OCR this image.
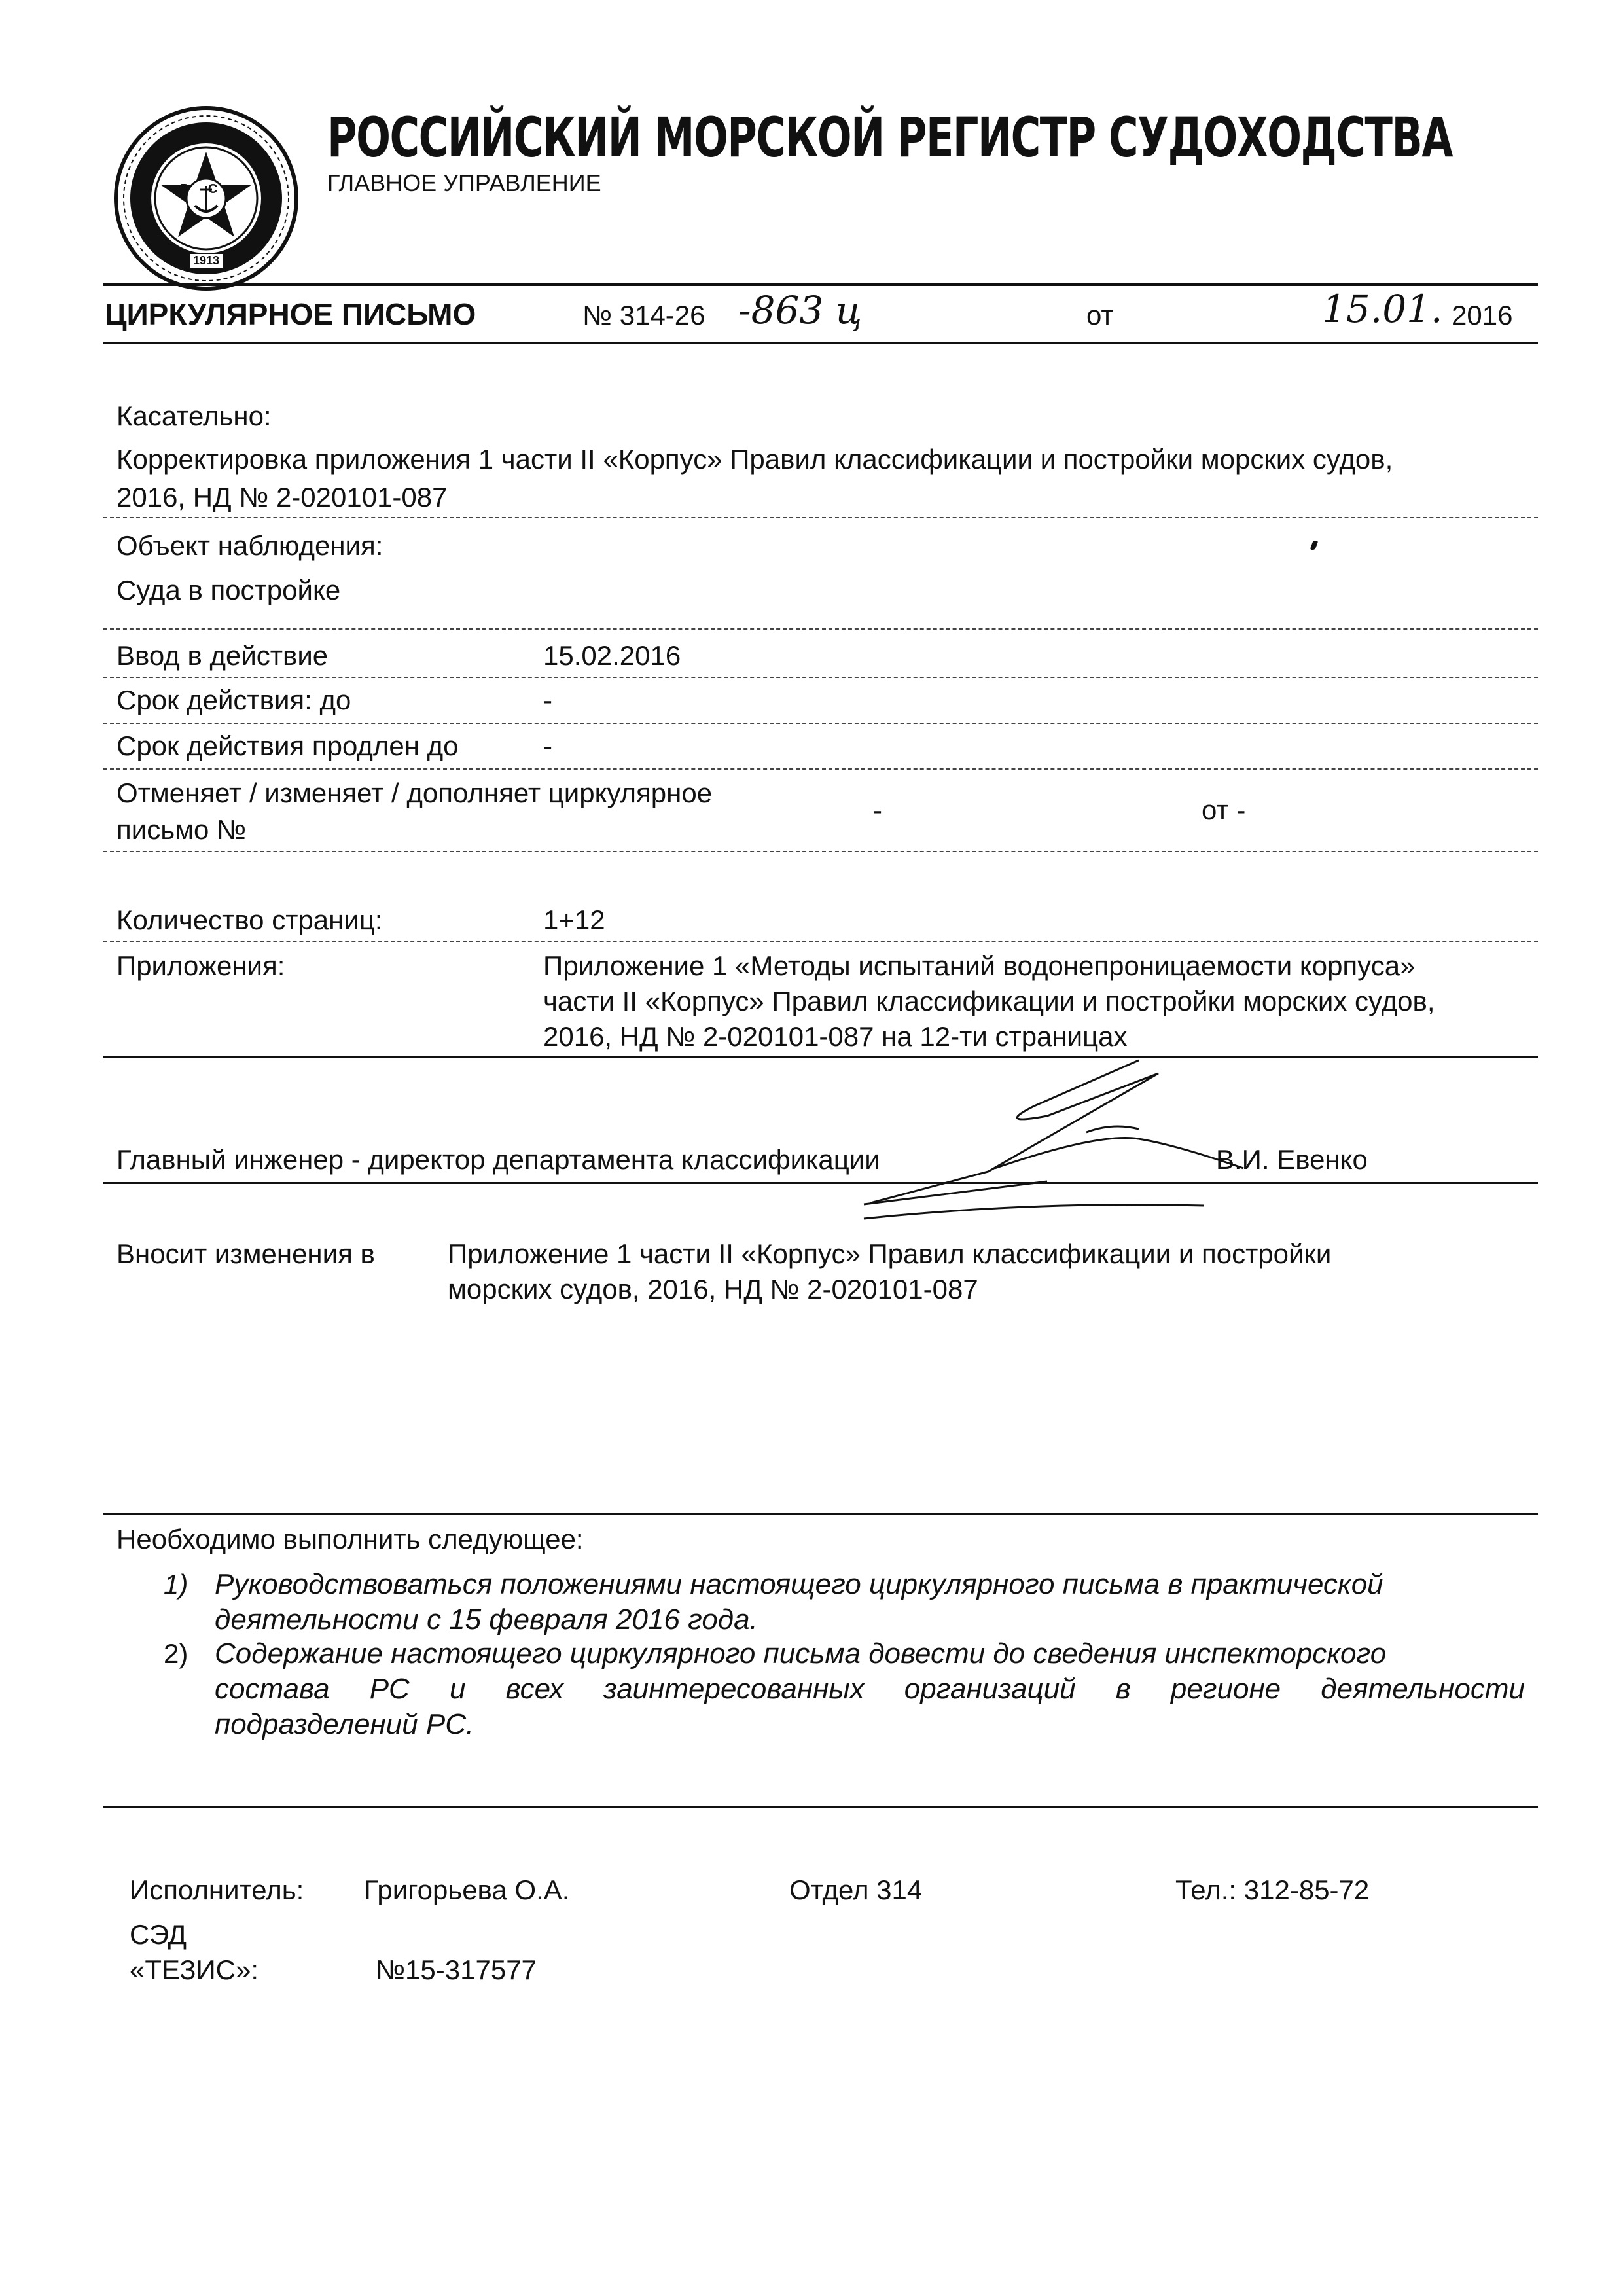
РС
1913
РОССИЙСКИЙ МОРСКОЙ РЕГИСТР СУДОХОДСТВА
ГЛАВНОЕ УПРАВЛЕНИЕ
ЦИРКУЛЯРНОЕ ПИСЬМО	№ 314-26 -863 ц	от	15.01. 2016
Касательно:
Корректировка приложения 1 части II «Корпус» Правил классификации и постройки морских судов,
2016, НД № 2-020101-087
Объект наблюдения:
Суда в постройке
Ввод в действие	15.02.2016
Срок действия: до	-
Срок действия продлен до	-
Отменяет / изменяет / дополняет циркулярное
письмо №
-	от -
Количество страниц:	1+12
Приложения:	Приложение 1 «Методы испытаний водонепроницаемости корпуса»
части II «Корпус» Правил классификации и постройки морских судов,
2016, НД № 2-020101-087 на 12-ти страницах
Главный инженер - директор департамента классификации	В.И. Евенко
Вносит изменения в	Приложение 1 части II «Корпус» Правил классификации и постройки
морских судов, 2016, НД № 2-020101-087
Необходимо выполнить следующее:
1) Руководствоваться положениями настоящего циркулярного письма в практической
деятельности с 15 февраля 2016 года.
2) Содержание настоящего циркулярного письма довести до сведения инспекторского
состава РС и всех заинтересованных организаций в регионе деятельности
подразделений РС.
Исполнитель: Григорьева О.А.	Отдел 314	Тел.: 312-85-72
СЭД
«ТЕЗИС»:	№15-317577
